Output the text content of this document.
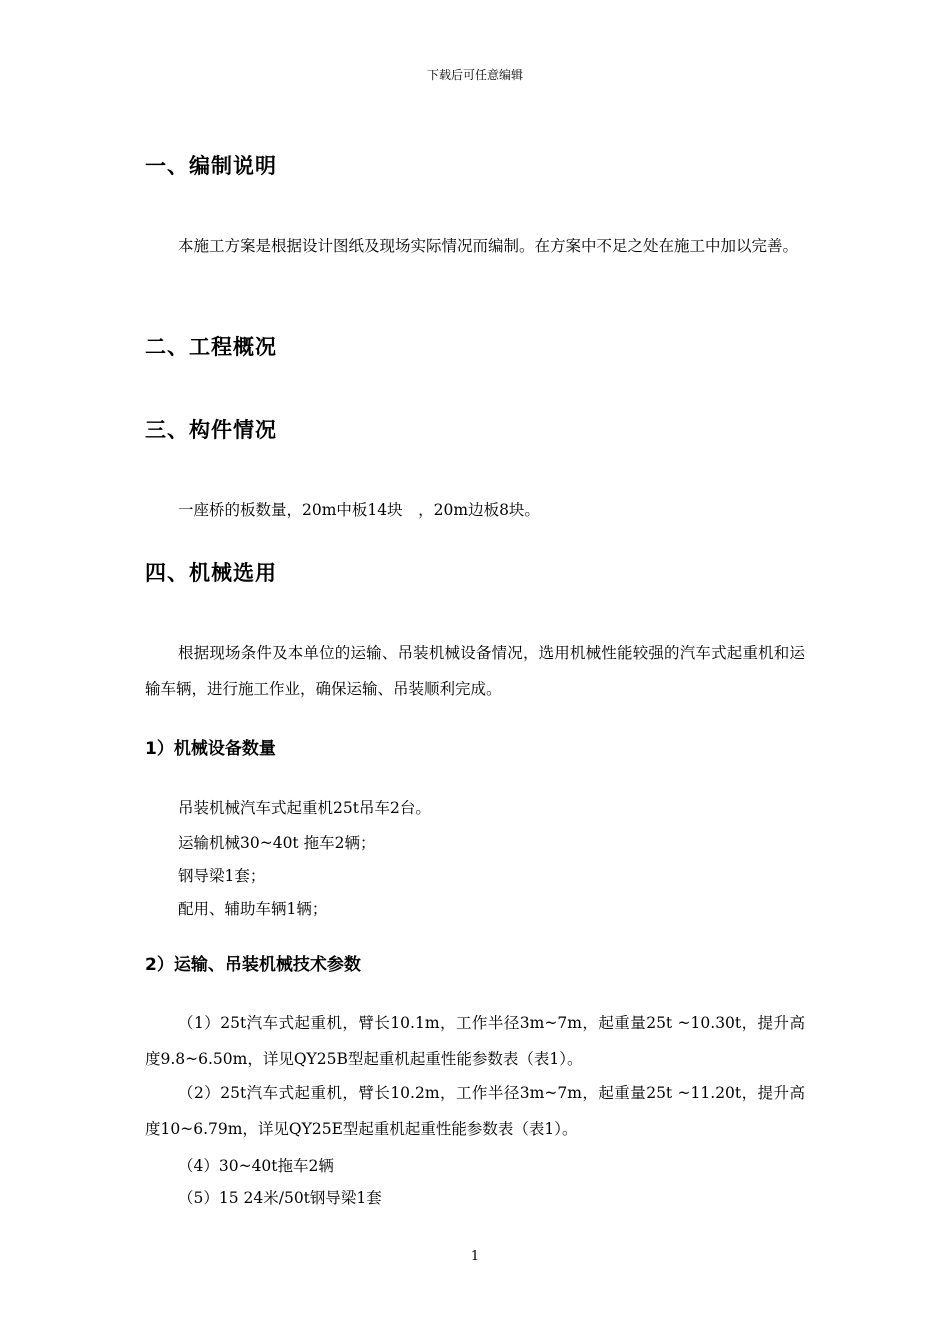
下载后可任意编辑
一、编制说明
本施工方案是根据设计图纸及现场实际情况而编制。在方案中不足之处在施工中加以完善。
二、工程概况
三、构件情况
一座桥的板数量，20m中板14块　，20m边板8块。
四、机械选用
根据现场条件及本单位的运输、吊装机械设备情况，选用机械性能较强的汽车式起重机和运输车辆，进行施工作业，确保运输、吊装顺利完成。
1）机械设备数量
吊装机械汽车式起重机25t吊车2台。
运输机械30~40t 拖车2辆；
钢导梁1套；
配用、辅助车辆1辆；
2）运输、吊装机械技术参数
（1）25t汽车式起重机，臂长10.1m，工作半径3m~7m，起重量25t ~10.30t，提升高度9.8~6.50m，详见QY25B型起重机起重性能参数表（表1）。
（2）25t汽车式起重机，臂长10.2m，工作半径3m~7m，起重量25t ~11.20t，提升高度10~6.79m，详见QY25E型起重机起重性能参数表（表1）。
（4）30~40t拖车2辆
（5）15 24米/50t钢导梁1套
1
